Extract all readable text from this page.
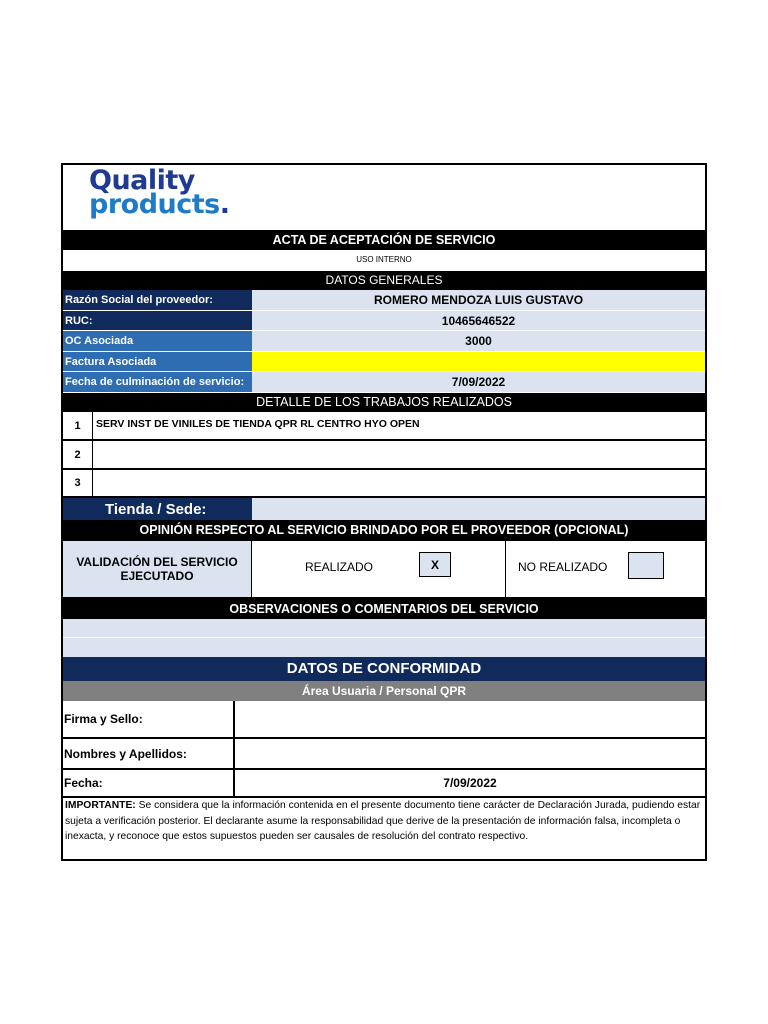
Quality
products.
ACTA DE ACEPTACIÓN DE SERVICIO
USO INTERNO
DATOS GENERALES
Razón Social del proveedor:	ROMERO MENDOZA LUIS GUSTAVO
RUC:	10465646522
OC Asociada	3000
Factura Asociada
Fecha de culminación de servicio:	7/09/2022
DETALLE DE LOS TRABAJOS REALIZADOS
1	SERV INST DE VINILES DE TIENDA QPR RL CENTRO HYO OPEN
2
3
Tienda / Sede:
OPINIÓN RESPECTO AL SERVICIO BRINDADO POR EL PROVEEDOR (OPCIONAL)
VALIDACIÓN DEL SERVICIO EJECUTADO
REALIZADO	X	NO REALIZADO
OBSERVACIONES O COMENTARIOS DEL SERVICIO
DATOS DE CONFORMIDAD
Área Usuaria / Personal QPR
Firma y Sello:
Nombres y Apellidos:
Fecha:	7/09/2022
IMPORTANTE: Se considera que la información contenida en el presente documento tiene carácter de Declaración Jurada, pudiendo estar sujeta a verificación posterior. El declarante asume la responsabilidad que derive de la presentación de información falsa, incompleta o inexacta, y reconoce que estos supuestos pueden ser causales de resolución del contrato respectivo.
